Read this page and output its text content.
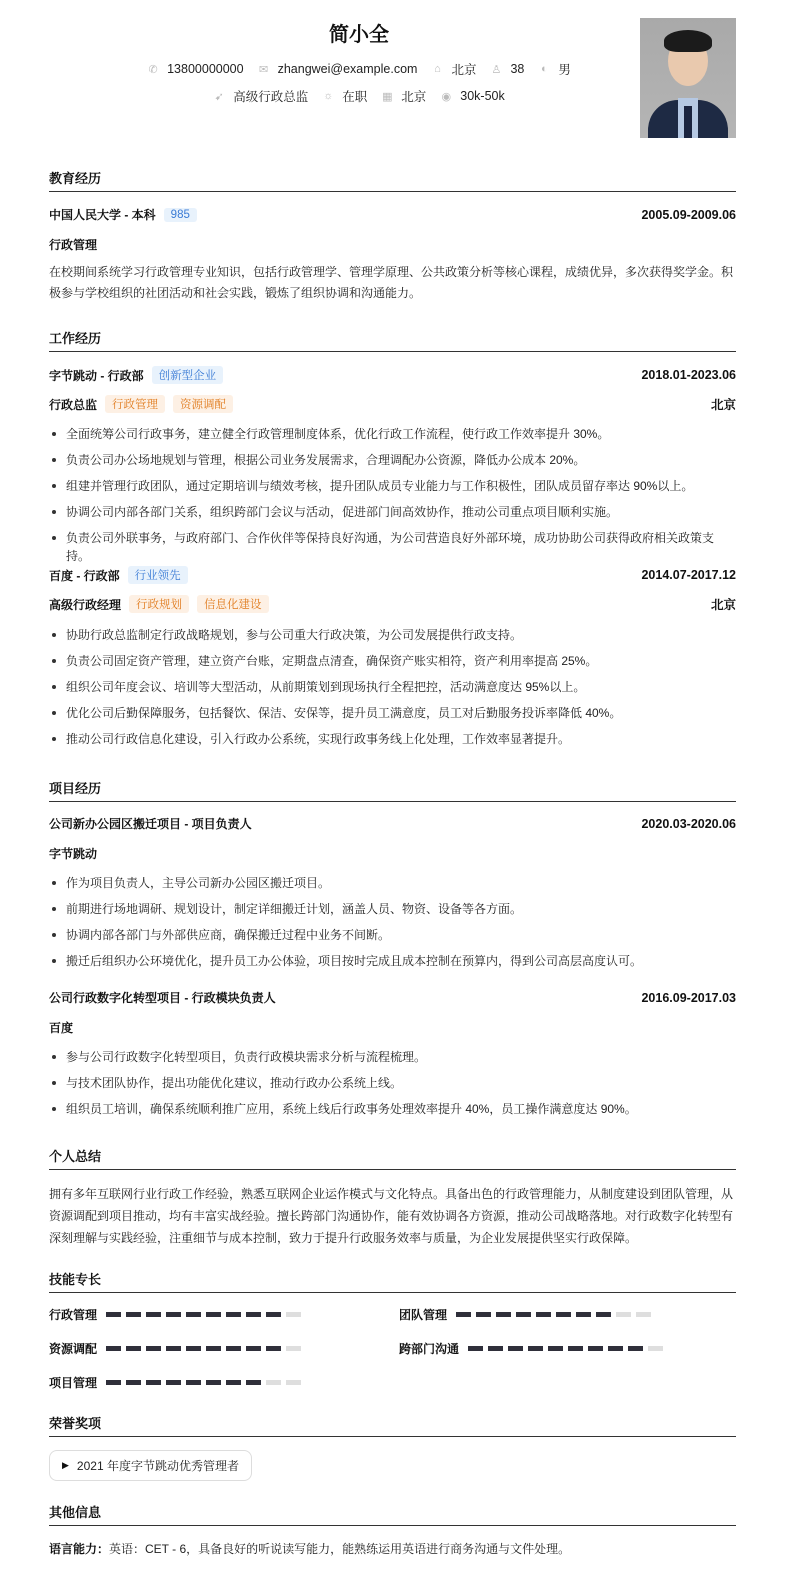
简小全
✆ 13800000000 ✉ zhangwei@example.com ⌂ 北京 ♙ 38 ◐ 男
➹ 高级行政总监 ☼ 在职 ▦ 北京 ◉ 30k-50k
教育经历
中国人民大学 - 本科	985	2005.09-2009.06
行政管理
在校期间系统学习行政管理专业知识，包括行政管理学、管理学原理、公共政策分析等核心课程，成绩优异，多次获得奖学金。积
极参与学校组织的社团活动和社会实践，锻炼了组织协调和沟通能力。
工作经历
字节跳动 - 行政部	创新型企业	2018.01-2023.06
行政总监	行政管理	资源调配	北京
全面统筹公司行政事务，建立健全行政管理制度体系，优化行政工作流程，使行政工作效率提升 30%。
负责公司办公场地规划与管理，根据公司业务发展需求，合理调配办公资源，降低办公成本 20%。
组建并管理行政团队，通过定期培训与绩效考核，提升团队成员专业能力与工作积极性，团队成员留存率达 90%以上。
协调公司内部各部门关系，组织跨部门会议与活动，促进部门间高效协作，推动公司重点项目顺利实施。
负责公司外联事务，与政府部门、合作伙伴等保持良好沟通，为公司营造良好外部环境，成功协助公司获得政府相关政策支持。
百度 - 行政部	行业领先	2014.07-2017.12
高级行政经理	行政规划	信息化建设	北京
协助行政总监制定行政战略规划，参与公司重大行政决策，为公司发展提供行政支持。
负责公司固定资产管理，建立资产台账，定期盘点清查，确保资产账实相符，资产利用率提高 25%。
组织公司年度会议、培训等大型活动，从前期策划到现场执行全程把控，活动满意度达 95%以上。
优化公司后勤保障服务，包括餐饮、保洁、安保等，提升员工满意度，员工对后勤服务投诉率降低 40%。
推动公司行政信息化建设，引入行政办公系统，实现行政事务线上化处理，工作效率显著提升。
项目经历
公司新办公园区搬迁项目 - 项目负责人	2020.03-2020.06
字节跳动
作为项目负责人，主导公司新办公园区搬迁项目。
前期进行场地调研、规划设计，制定详细搬迁计划，涵盖人员、物资、设备等各方面。
协调内部各部门与外部供应商，确保搬迁过程中业务不间断。
搬迁后组织办公环境优化，提升员工办公体验，项目按时完成且成本控制在预算内，得到公司高层高度认可。
公司行政数字化转型项目 - 行政模块负责人	2016.09-2017.03
百度
参与公司行政数字化转型项目，负责行政模块需求分析与流程梳理。
与技术团队协作，提出功能优化建议，推动行政办公系统上线。
组织员工培训，确保系统顺利推广应用，系统上线后行政事务处理效率提升 40%，员工操作满意度达 90%。
个人总结
拥有多年互联网行业行政工作经验，熟悉互联网企业运作模式与文化特点。具备出色的行政管理能力，从制度建设到团队管理，从
资源调配到项目推动，均有丰富实战经验。擅长跨部门沟通协作，能有效协调各方资源，推动公司战略落地。对行政数字化转型有
深刻理解与实践经验，注重细节与成本控制，致力于提升行政服务效率与质量，为企业发展提供坚实行政保障。
技能专长
行政管理	团队管理
资源调配	跨部门沟通
项目管理
荣誉奖项
▶ 2021 年度字节跳动优秀管理者
其他信息
语言能力：英语：CET - 6，具备良好的听说读写能力，能熟练运用英语进行商务沟通与文件处理。
